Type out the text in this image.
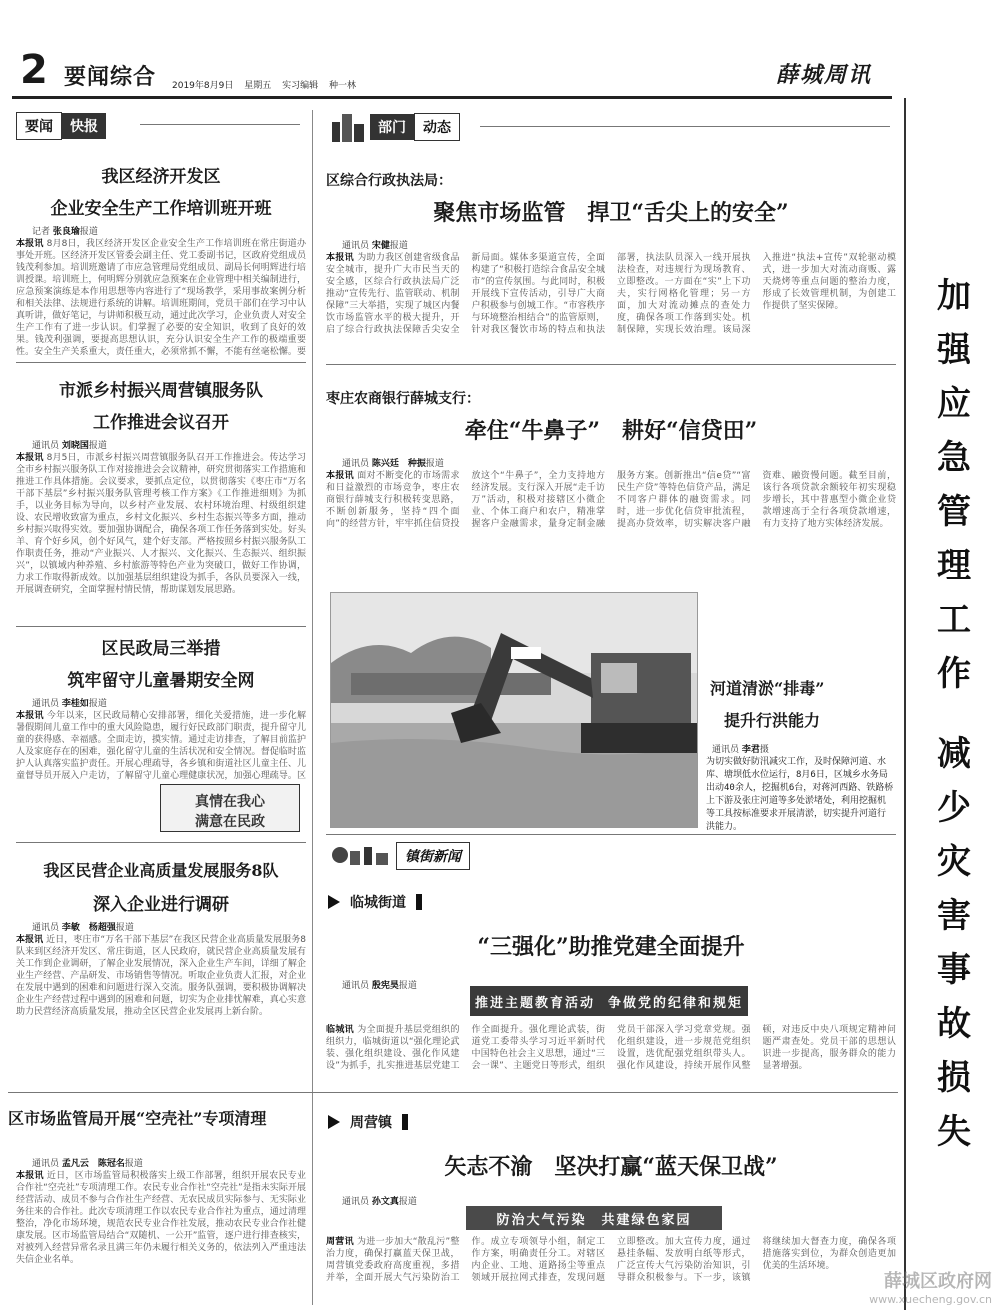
2 要闻综合 2019年8月9日 星期五 实习编辑 种一林	薛城周讯
加
强
应
急
管
理
工
作
减
少
灾
害
事
故
损
失
要闻	快报
我区经济开发区
企业安全生产工作培训班开班
记者 张良瑜报道
本报讯 8月8日，我区经济开发区企业安全生产工作培训班在常庄街道办事处开班。区经济开发区管委会副主任、党工委副书记，区政府党组成员钱茂利参加。培训班邀请了市应急管理局党组成员、副局长何明辉进行培训授课。培训班上，何明辉分别就应急预案在企业管理中相关编制进行，应急预案演练是本作用思想等内容进行了“现场教学，采用事故案例分析和相关法律、法规进行系统的讲解。培训班期间，党员干部们在学习中认真听讲，做好笔记，与讲师积极互动，通过此次学习，企业负责人对安全生产工作有了进一步认识。们掌握了必要的安全知识，收到了良好的效果。钱茂利强调，要提高思想认识，充分认识安全生产工作的极端重要性。安全生产关系重大，责任重大，必须常抓不懈，不能有丝毫松懈。要
市派乡村振兴周营镇服务队
工作推进会议召开
通讯员 刘晓国报道
本报讯 8月5日，市派乡村振兴周营镇服务队召开工作推进会。传达学习全市乡村振兴服务队工作对接推进会会议精神，研究贯彻落实工作措施和推进工作具体措施。会议要求，要抓点定位，以贯彻落实《枣庄市“万名干部下基层”乡村振兴服务队管理考核工作方案》《工作推进细则》为抓手，以业务目标为导向，以乡村产业发展、农村环境治理、村级组织建设、农民增收致富为重点，乡村文化振兴、乡村生态振兴等多方面，推动乡村振兴取得实效。要加强协调配合，确保各项工作任务落到实处。好头羊、育个好乡风，创个好风气，建个好支部。严格按照乡村振兴服务队工作职责任务，推动“产业振兴、人才振兴、文化振兴、生态振兴、组织振兴”，以镇域内种养殖、乡村旅游等特色产业为突破口，做好工作协调，力求工作取得新成效。以加强基层组织建设为抓手，各队员要深入一线，开展调查研究，全面掌握村情民情，帮助谋划发展思路。
区民政局三举措
筑牢留守儿童暑期安全网
通讯员 李桂如报道
本报讯 今年以来，区民政局精心安排部署，细化关爱措施，进一步化解暑假期间儿童工作中的重大风险隐患，履行好民政部门职责，提升留守儿童的获得感、幸福感。全面走访，摸实情。通过走访排查，了解目前监护人及家庭存在的困难，强化留守儿童的生活状况和安全情况。督促临时监护人认真落实监护责任。开展心理疏导，各乡镇和街道社区儿童主任、儿童督导员开展入户走访，了解留守儿童心理健康状况，加强心理疏导。区
真情在我心
满意在民政
我区民营企业高质量发展服务8队
深入企业进行调研
通讯员 李敏　杨超强报道
本报讯 近日，枣庄市“万名干部下基层”在我区民营企业高质量发展服务8队来到区经济开发区、常庄街道，区人民政府，就民营企业高质量发展有关工作到企业调研，了解企业发展情况，深入企业生产车间，详细了解企业生产经营、产品研发、市场销售等情况。听取企业负责人汇报，对企业在发展中遇到的困难和问题进行深入交流。服务队强调，要积极协调解决企业生产经营过程中遇到的困难和问题，切实为企业排忧解难，真心实意助力民营经济高质量发展，推动全区民营企业发展再上新台阶。
区市场监管局开展“空壳社”专项清理
通讯员 孟凡云　陈冠名报道
本报讯 近日，区市场监管局积极落实上级工作部署，组织开展农民专业合作社“空壳社”专项清理工作。农民专业合作社“空壳社”是指未实际开展经营活动、成员不参与合作社生产经营、无农民成员实际参与、无实际业务往来的合作社。此次专项清理工作以农民专业合作社为重点，通过清理整治，净化市场环境，规范农民专业合作社发展，推动农民专业合作社健康发展。区市场监管局结合“双随机、一公开”监管，逐户进行排查核实，对被列入经营异常名录且满三年仍未履行相关义务的，依法列入严重违法失信企业名单。
部门	动态
区综合行政执法局：
聚焦市场监管　捍卫“舌尖上的安全”
通讯员 宋健报道
本报讯 为助力我区创建省级食品安全城市，提升广大市民当天的安全感，区综合行政执法局广泛推动“宣传先行、监管联动、机制保障”三大举措，实现了城区内餐饮市场监管水平的极大提升，开启了综合行政执法保障舌尖安全新局面。媒体多渠道宣传，全面构建了“积极打造综合食品安全城市”的宣传氛围。与此同时，积极开展线下宣传活动，引导广大商户积极参与创城工作。“市容秩序与环境整治相结合”的监管原则，针对我区餐饮市场的特点和执法部署，执法队员深入一线开展执法检查，对违规行为现场教育、立即整改。一方面在“实”上下功夫，实行网格化管理；另一方面，加大对流动摊点的查处力度，确保各项工作落到实处。机制保障，实现长效治理。该局深入推进“执法+宣传”双轮驱动模式，进一步加大对流动商贩、露天烧烤等重点问题的整治力度，形成了长效管理机制，为创建工作提供了坚实保障。
枣庄农商银行薛城支行：
牵住“牛鼻子”　耕好“信贷田”
通讯员 陈兴廷　种振报道
本报讯 面对不断变化的市场需求和日益激烈的市场竞争，枣庄农商银行薛城支行积极转变思路，不断创新服务，坚持“四个面向”的经营方针，牢牢抓住信贷投放这个“牛鼻子”，全力支持地方经济发展。支行深入开展“走千访万”活动，积极对接辖区小微企业、个体工商户和农户，精准掌握客户金融需求，量身定制金融服务方案。创新推出“信e贷”“富民生产贷”等特色信贷产品，满足不同客户群体的融资需求。同时，进一步优化信贷审批流程，提高办贷效率，切实解决客户融资难、融资慢问题。截至目前，该行各项贷款余额较年初实现稳步增长，其中普惠型小微企业贷款增速高于全行各项贷款增速，有力支持了地方实体经济发展。
河道清淤“排毒”
提升行洪能力
通讯员 李君摄
为切实做好防汛减灾工作，及时保障河道、水库、塘坝低水位运行，8月6日，区城乡水务局出动40余人，挖掘机6台，对蒋河西路、铁路桥上下游及张庄河道等多处淤堵处，利用挖掘机等工具按标准要求开展清淤，切实提升河道行洪能力。
镇街新闻
临城街道
“三强化”助推党建全面提升
通讯员 殷宪昊报道
推进主题教育活动
争做党的纪律和规矩
临城讯 为全面提升基层党组织的组织力，临城街道以“强化理论武装、强化组织建设、强化作风建设”为抓手，扎实推进基层党建工作全面提升。强化理论武装，街道党工委带头学习习近平新时代中国特色社会主义思想，通过“三会一课”、主题党日等形式，组织党员干部深入学习党章党规。强化组织建设，进一步规范党组织设置，选优配强党组织带头人。强化作风建设，持续开展作风整顿，对违反中央八项规定精神问题严肃查处。党员干部的思想认识进一步提高，服务群众的能力显著增强。
周营镇
矢志不渝　坚决打赢“蓝天保卫战”
通讯员 孙文真报道
防治大气污染　共建绿色家园
周营讯 为进一步加大“散乱污”整治力度，确保打赢蓝天保卫战，周营镇党委政府高度重视，多措并举，全面开展大气污染防治工作。成立专项领导小组，制定工作方案，明确责任分工。对辖区内企业、工地、道路扬尘等重点领域开展拉网式排查，发现问题立即整改。加大宣传力度，通过悬挂条幅、发放明白纸等形式，广泛宣传大气污染防治知识，引导群众积极参与。下一步，该镇将继续加大督查力度，确保各项措施落实到位，为群众创造更加优美的生活环境。
薛城区政府网
www.xuecheng.gov.cn
